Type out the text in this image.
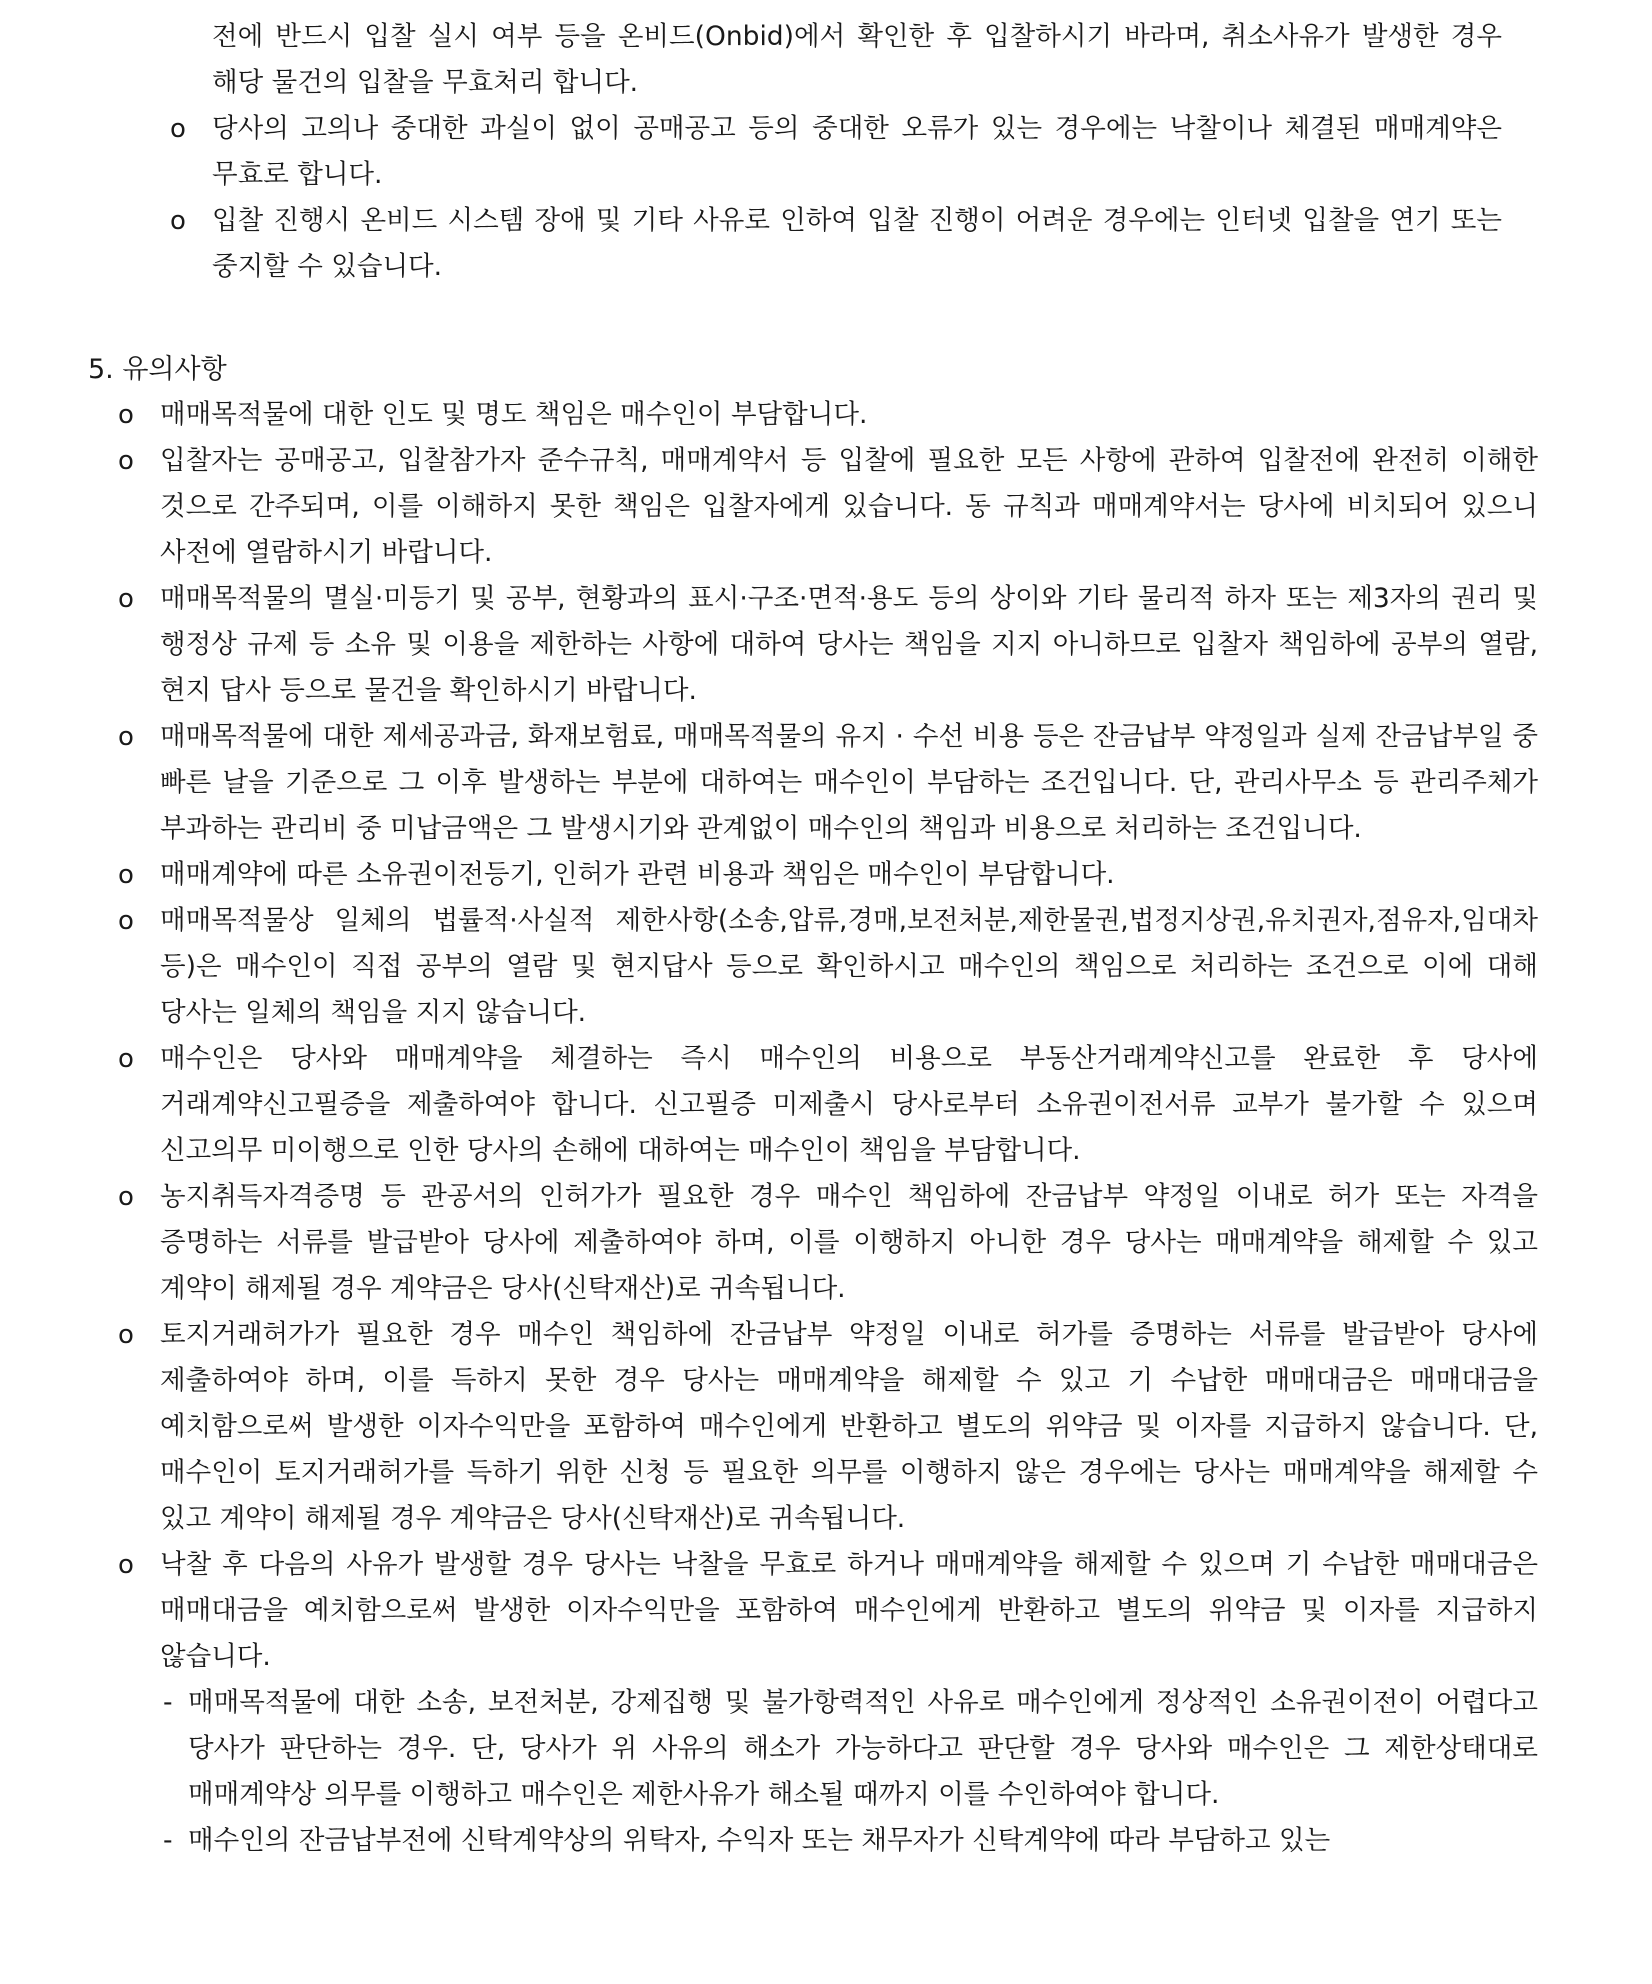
전에 반드시 입찰 실시 여부 등을 온비드(Onbid)에서 확인한 후 입찰하시기 바라며, 취소사유가 발생한 경우 해당 물건의 입찰을 무효처리 합니다.
o 당사의 고의나 중대한 과실이 없이 공매공고 등의 중대한 오류가 있는 경우에는 낙찰이나 체결된 매매계약은 무효로 합니다.
o 입찰 진행시 온비드 시스템 장애 및 기타 사유로 인하여 입찰 진행이 어려운 경우에는 인터넷 입찰을 연기 또는 중지할 수 있습니다.
5. 유의사항
o 매매목적물에 대한 인도 및 명도 책임은 매수인이 부담합니다.
o 입찰자는 공매공고, 입찰참가자 준수규칙, 매매계약서 등 입찰에 필요한 모든 사항에 관하여 입찰전에 완전히 이해한 것으로 간주되며, 이를 이해하지 못한 책임은 입찰자에게 있습니다. 동 규칙과 매매계약서는 당사에 비치되어 있으니 사전에 열람하시기 바랍니다.
o 매매목적물의 멸실·미등기 및 공부, 현황과의 표시·구조·면적·용도 등의 상이와 기타 물리적 하자 또는 제3자의 권리 및 행정상 규제 등 소유 및 이용을 제한하는 사항에 대하여 당사는 책임을 지지 아니하므로 입찰자 책임하에 공부의 열람, 현지 답사 등으로 물건을 확인하시기 바랍니다.
o 매매목적물에 대한 제세공과금, 화재보험료, 매매목적물의 유지 · 수선 비용 등은 잔금납부 약정일과 실제 잔금납부일 중 빠른 날을 기준으로 그 이후 발생하는 부분에 대하여는 매수인이 부담하는 조건입니다. 단, 관리사무소 등 관리주체가 부과하는 관리비 중 미납금액은 그 발생시기와 관계없이 매수인의 책임과 비용으로 처리하는 조건입니다.
o 매매계약에 따른 소유권이전등기, 인허가 관련 비용과 책임은 매수인이 부담합니다.
o 매매목적물상 일체의 법률적·사실적 제한사항(소송,압류,경매,보전처분,제한물권,법정지상권,유치권자,점유자,임대차 등)은 매수인이 직접 공부의 열람 및 현지답사 등으로 확인하시고 매수인의 책임으로 처리하는 조건으로 이에 대해 당사는 일체의 책임을 지지 않습니다.
o 매수인은 당사와 매매계약을 체결하는 즉시 매수인의 비용으로 부동산거래계약신고를 완료한 후 당사에 거래계약신고필증을 제출하여야 합니다. 신고필증 미제출시 당사로부터 소유권이전서류 교부가 불가할 수 있으며 신고의무 미이행으로 인한 당사의 손해에 대하여는 매수인이 책임을 부담합니다.
o 농지취득자격증명 등 관공서의 인허가가 필요한 경우 매수인 책임하에 잔금납부 약정일 이내로 허가 또는 자격을 증명하는 서류를 발급받아 당사에 제출하여야 하며, 이를 이행하지 아니한 경우 당사는 매매계약을 해제할 수 있고 계약이 해제될 경우 계약금은 당사(신탁재산)로 귀속됩니다.
o 토지거래허가가 필요한 경우 매수인 책임하에 잔금납부 약정일 이내로 허가를 증명하는 서류를 발급받아 당사에 제출하여야 하며, 이를 득하지 못한 경우 당사는 매매계약을 해제할 수 있고 기 수납한 매매대금은 매매대금을 예치함으로써 발생한 이자수익만을 포함하여 매수인에게 반환하고 별도의 위약금 및 이자를 지급하지 않습니다. 단, 매수인이 토지거래허가를 득하기 위한 신청 등 필요한 의무를 이행하지 않은 경우에는 당사는 매매계약을 해제할 수 있고 계약이 해제될 경우 계약금은 당사(신탁재산)로 귀속됩니다.
o 낙찰 후 다음의 사유가 발생할 경우 당사는 낙찰을 무효로 하거나 매매계약을 해제할 수 있으며 기 수납한 매매대금은 매매대금을 예치함으로써 발생한 이자수익만을 포함하여 매수인에게 반환하고 별도의 위약금 및 이자를 지급하지 않습니다.
- 매매목적물에 대한 소송, 보전처분, 강제집행 및 불가항력적인 사유로 매수인에게 정상적인 소유권이전이 어렵다고 당사가 판단하는 경우. 단, 당사가 위 사유의 해소가 가능하다고 판단할 경우 당사와 매수인은 그 제한상태대로 매매계약상 의무를 이행하고 매수인은 제한사유가 해소될 때까지 이를 수인하여야 합니다.
- 매수인의 잔금납부전에 신탁계약상의 위탁자, 수익자 또는 채무자가 신탁계약에 따라 부담하고 있는
